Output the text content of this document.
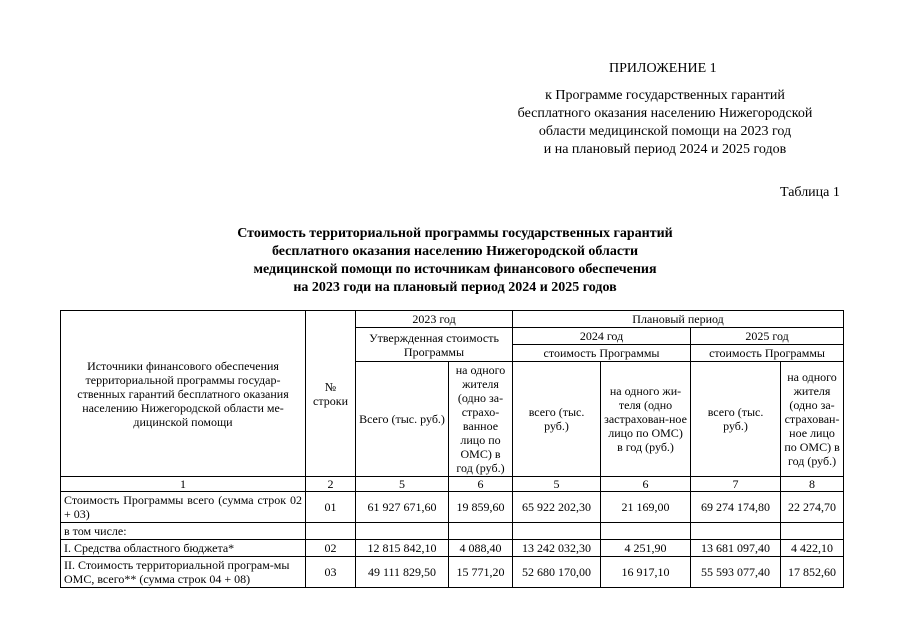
ПРИЛОЖЕНИЕ 1
к Программе государственных гарантий
бесплатного оказания населению Нижегородской
области медицинской помощи на 2023 год
и на плановый период 2024 и 2025 годов
Таблица 1
Стоимость территориальной программы государственных гарантий
бесплатного оказания населению Нижегородской области
медицинской помощи по источникам финансового обеспечения
на 2023 годи на плановый период 2024 и 2025 годов
Источники финансового обеспечения территориальной программы государ-ственных гарантий бесплатного оказания населению Нижегородской области ме-дицинской помощи	№ строки	2023 год		Плановый период			
		Утвержденная стоимость Программы		2024 год		2025 год	
				стоимость Программы		стоимость Программы	
		Всего (тыс. руб.)	на одного жителя (одно за-страхо-ванное лицо по ОМС) в год (руб.)	всего (тыс. руб.)	на одного жи-теля (одно застрахован-ное лицо по ОМС) в год (руб.)	всего (тыс. руб.)	на одного жителя (одно за-страхован-ное лицо по ОМС) в год (руб.)
1	2	5	6	5	6	7	8
Стоимость Программы всего (сумма строк 02 + 03)	01	61 927 671,60	19 859,60	65 922 202,30	21 169,00	69 274 174,80	22 274,70
в том числе:							
I. Средства областного бюджета*	02	12 815 842,10	4 088,40	13 242 032,30	4 251,90	13 681 097,40	4 422,10
II. Стоимость территориальной програм-мы ОМС, всего** (сумма строк 04 + 08)	03	49 111 829,50	15 771,20	52 680 170,00	16 917,10	55 593 077,40	17 852,60
